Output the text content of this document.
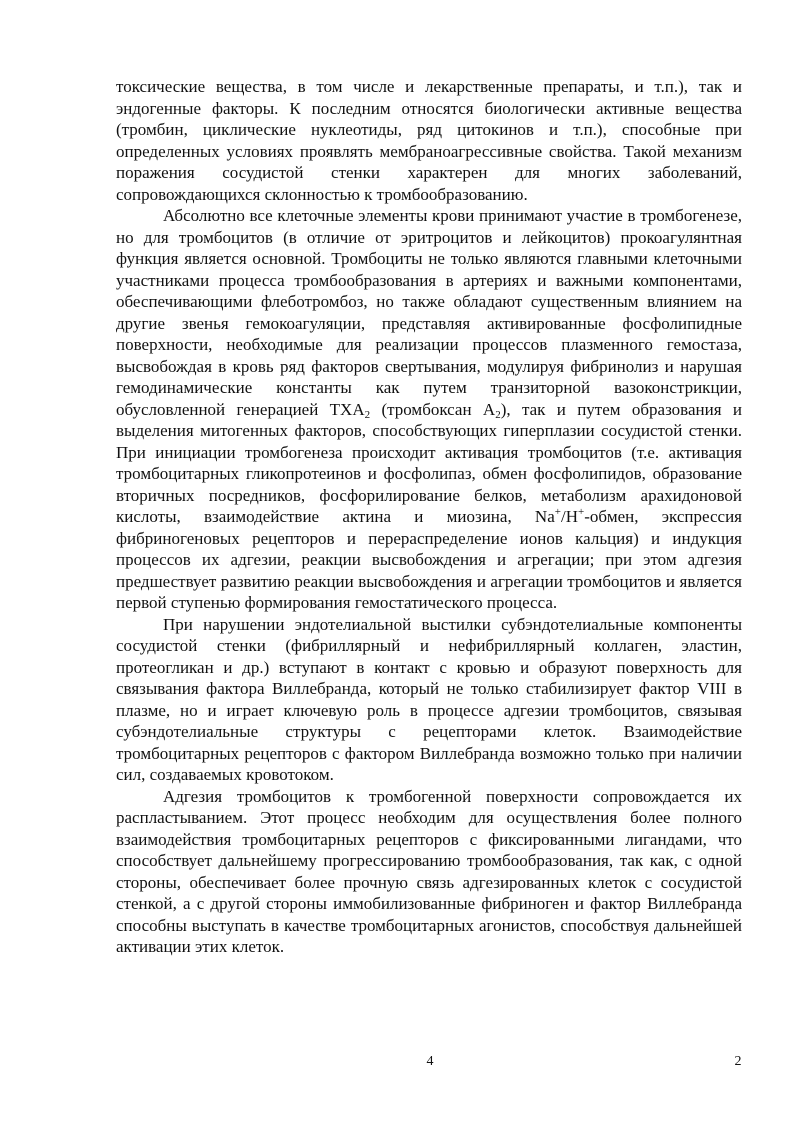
токсические вещества, в том числе и лекарственные препараты, и т.п.), так и эндогенные факторы. К последним относятся биологически активные вещества (тромбин, циклические нуклеотиды, ряд цитокинов и т.п.), способные при определенных условиях проявлять мембраноагрессивные свойства. Такой механизм поражения сосудистой стенки характерен для многих заболеваний, сопровождающихся склонностью к тромбообразованию.

Абсолютно все клеточные элементы крови принимают участие в тромбогенезе, но для тромбоцитов (в отличие от эритроцитов и лейкоцитов) прокоагулянтная функция является основной. Тромбоциты не только являются главными клеточными участниками процесса тромбообразования в артериях и важными компонентами, обеспечивающими флеботромбоз, но также обладают существенным влиянием на другие звенья гемокоагуляции, представляя активированные фосфолипидные поверхности, необходимые для реализации процессов плазменного гемостаза, высвобождая в кровь ряд факторов свертывания, модулируя фибринолиз и нарушая гемодинамические константы как путем транзиторной вазоконстрикции, обусловленной генерацией $ТХА_2$ (тромбоксан $А_2$), так и путем образования и выделения митогенных факторов, способствующих гиперплазии сосудистой стенки. При инициации тромбогенеза происходит активация тромбоцитов (т.е. активация тромбоцитарных гликопротеинов и фосфолипаз, обмен фосфолипидов, образование вторичных посредников, фосфорилирование белков, метаболизм арахидоновой кислоты, взаимодействие актина и миозина, Na+/H+-обмен, экспрессия фибриногеновых рецепторов и перераспределение ионов кальция) и индукция процессов их адгезии, реакции высвобождения и агрегации; при этом адгезия предшествует развитию реакции высвобождения и агрегации тромбоцитов и является первой ступенью формирования гемостатического процесса.

При нарушении эндотелиальной выстилки субэндотелиальные компоненты сосудистой стенки (фибриллярный и нефибриллярный коллаген, эластин, протеогликан и др.) вступают в контакт с кровью и образуют поверхность для связывания фактора Виллебранда, который не только стабилизирует фактор VIII в плазме, но и играет ключевую роль в процессе адгезии тромбоцитов, связывая субэндотелиальные структуры с рецепторами клеток. Взаимодействие тромбоцитарных рецепторов с фактором Виллебранда возможно только при наличии сил, создаваемых кровотоком.

Адгезия тромбоцитов к тромбогенной поверхности сопровождается их распластыванием. Этот процесс необходим для осуществления более полного взаимодействия тромбоцитарных рецепторов с фиксированными лигандами, что способствует дальнейшему прогрессированию тромбообразования, так как, с одной стороны, обеспечивает более прочную связь адгезированных клеток с сосудистой стенкой, а с другой стороны иммобилизованные фибриноген и фактор Виллебранда способны выступать в качестве тромбоцитарных агонистов, способствуя дальнейшей активации этих клеток.

4	2
